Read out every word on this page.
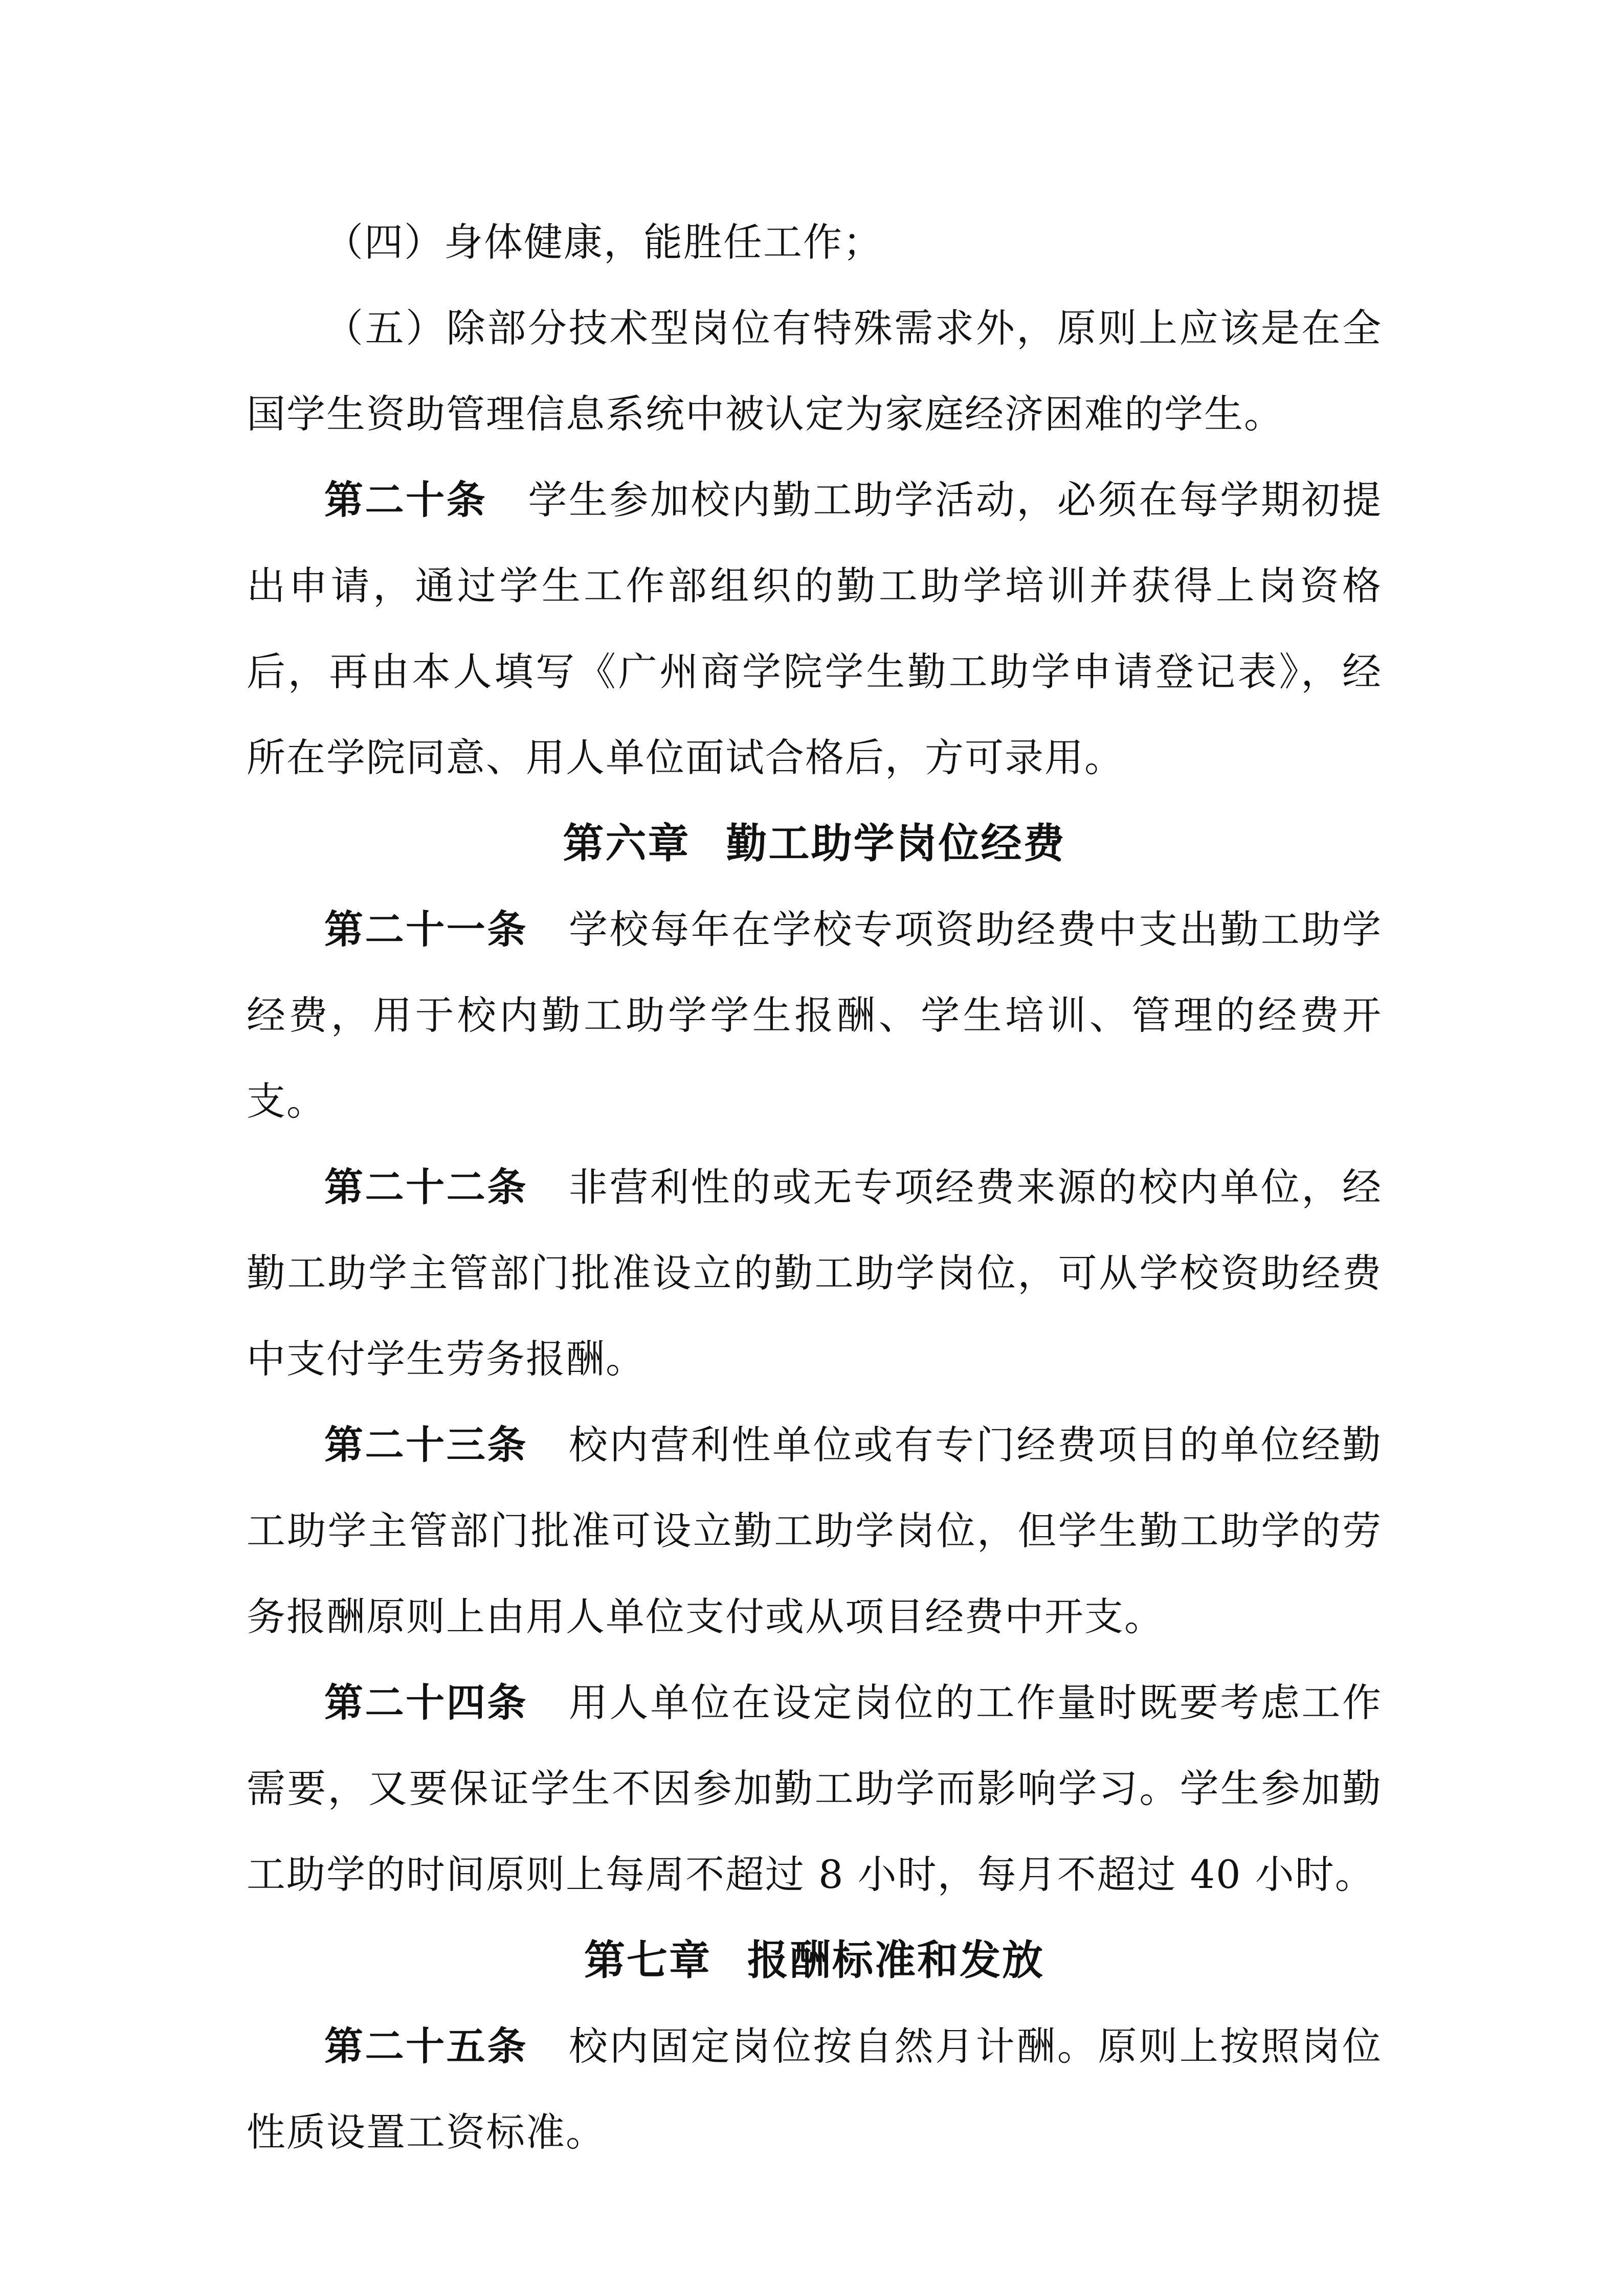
（四）身体健康，能胜任工作；

（五）除部分技术型岗位有特殊需求外，原则上应该是在全国学生资助管理信息系统中被认定为家庭经济困难的学生。

第二十条 学生参加校内勤工助学活动，必须在每学期初提出申请，通过学生工作部组织的勤工助学培训并获得上岗资格后，再由本人填写《广州商学院学生勤工助学申请登记表》，经所在学院同意、用人单位面试合格后，方可录用。

第六章 勤工助学岗位经费

第二十一条 学校每年在学校专项资助经费中支出勤工助学经费，用于校内勤工助学学生报酬、学生培训、管理的经费开支。

第二十二条 非营利性的或无专项经费来源的校内单位，经勤工助学主管部门批准设立的勤工助学岗位，可从学校资助经费中支付学生劳务报酬。

第二十三条 校内营利性单位或有专门经费项目的单位经勤工助学主管部门批准可设立勤工助学岗位，但学生勤工助学的劳务报酬原则上由用人单位支付或从项目经费中开支。

第二十四条 用人单位在设定岗位的工作量时既要考虑工作需要，又要保证学生不因参加勤工助学而影响学习。学生参加勤工助学的时间原则上每周不超过 8 小时，每月不超过 40 小时。

第七章 报酬标准和发放

第二十五条 校内固定岗位按自然月计酬。原则上按照岗位性质设置工资标准。
